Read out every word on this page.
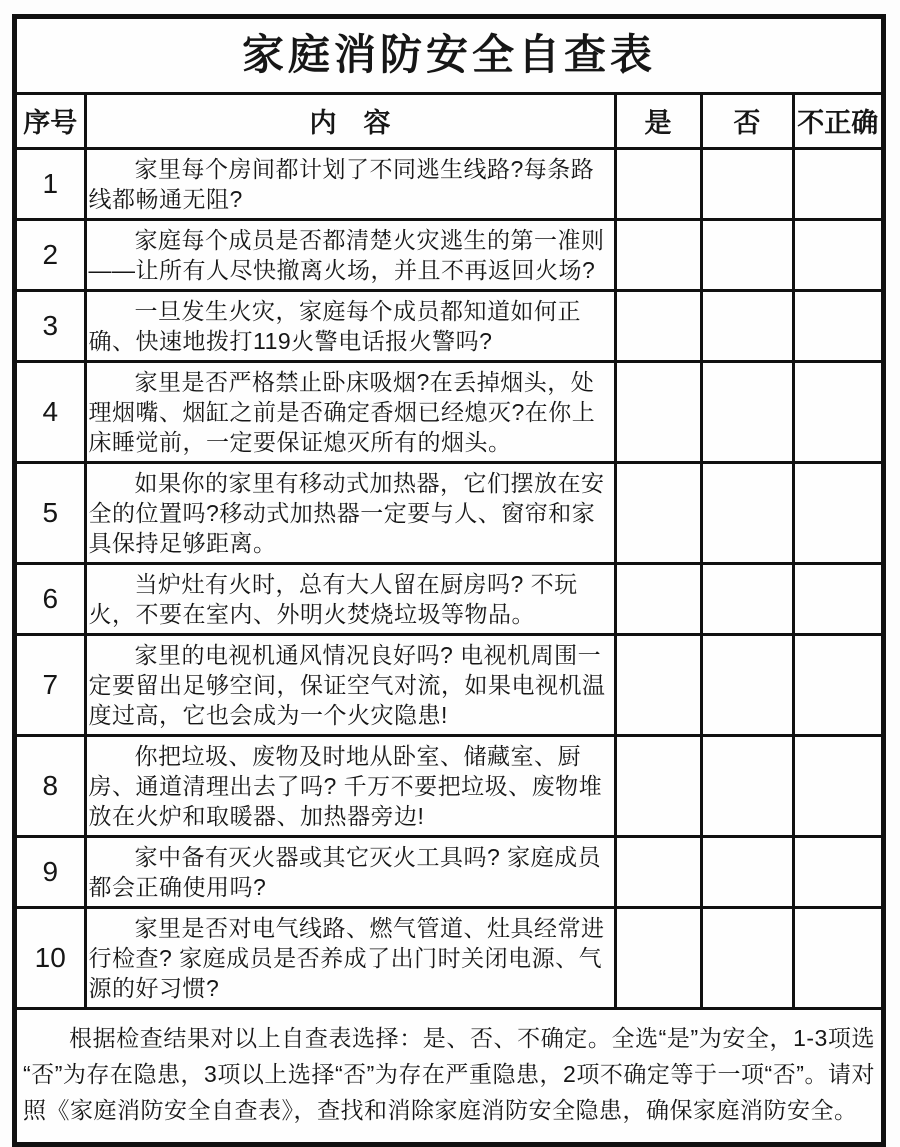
家庭消防安全自查表
序号	内　容	是	否	不正确
1	家里每个房间都计划了不同逃生线路?每条路线都畅通无阻?			
2	家庭每个成员是否都清楚火灾逃生的第一准则——让所有人尽快撤离火场，并且不再返回火场?			
3	一旦发生火灾，家庭每个成员都知道如何正确、快速地拨打119火警电话报火警吗?			
4	家里是否严格禁止卧床吸烟?在丢掉烟头，处理烟嘴、烟缸之前是否确定香烟已经熄灭?在你上床睡觉前，一定要保证熄灭所有的烟头。			
5	如果你的家里有移动式加热器，它们摆放在安全的位置吗?移动式加热器一定要与人、窗帘和家具保持足够距离。			
6	当炉灶有火时，总有大人留在厨房吗? 不玩火，不要在室内、外明火焚烧垃圾等物品。			
7	家里的电视机通风情况良好吗? 电视机周围一定要留出足够空间，保证空气对流，如果电视机温度过高，它也会成为一个火灾隐患!			
8	你把垃圾、废物及时地从卧室、储藏室、厨房、通道清理出去了吗? 千万不要把垃圾、废物堆放在火炉和取暖器、加热器旁边!			
9	家中备有灭火器或其它灭火工具吗? 家庭成员都会正确使用吗?			
10	家里是否对电气线路、燃气管道、灶具经常进行检查? 家庭成员是否养成了出门时关闭电源、气源的好习惯?			
根据检查结果对以上自查表选择：是、否、不确定。全选“是”为安全，1-3项选“否”为存在隐患，3项以上选择“否”为存在严重隐患，2项不确定等于一项“否”。请对照《家庭消防安全自查表》，查找和消除家庭消防安全隐患，确保家庭消防安全。
